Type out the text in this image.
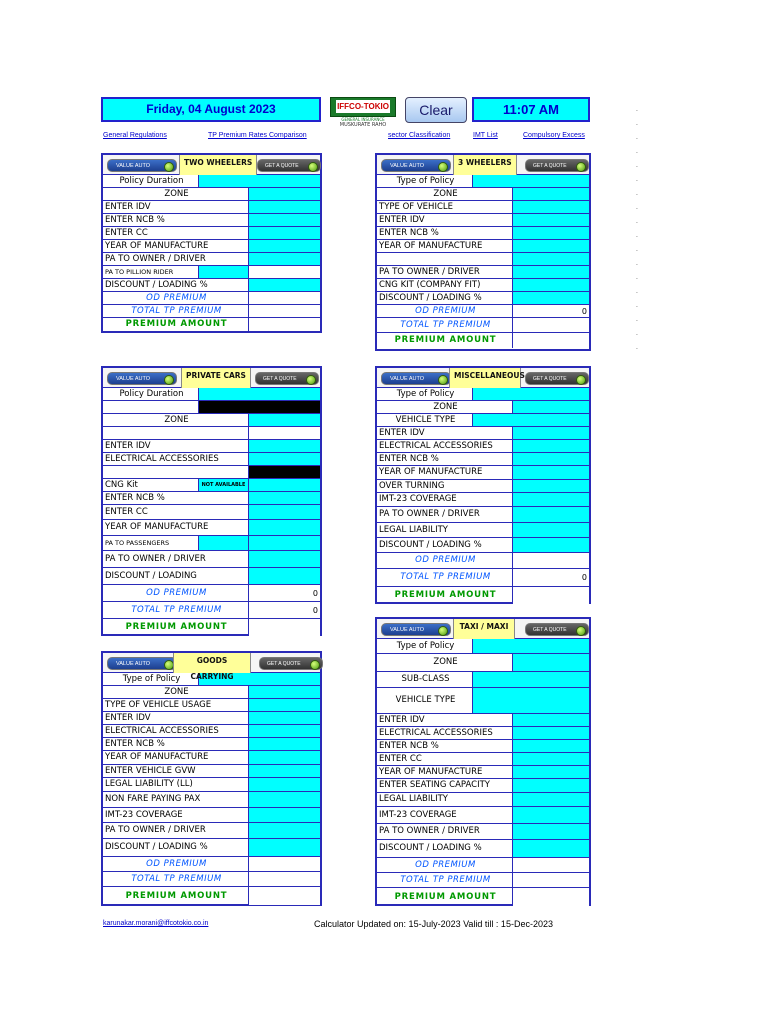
Friday, 04 August 2023	IFFCO-TOKIO
GENERAL INSURANCE
MUSKURATE RAHO
Clear	11:07 AM
General Regulations	TP Premium Rates Comparison	sector Classification	IMT List	Compulsory Excess
·

·

·

·

·

·

·

·

·

·

·

·

·

·

·

·

·

·
VALUE AUTO	TWO WHEELERS	GET A QUOTE
Policy Duration
ZONE
ENTER IDV
ENTER NCB %
ENTER CC
YEAR OF MANUFACTURE
PA TO OWNER / DRIVER
PA TO PILLION RIDER
DISCOUNT / LOADING %
OD PREMIUM
TOTAL TP PREMIUM
PREMIUM AMOUNT
VALUE AUTO	3 WHEELERS	GET A QUOTE
Type of Policy
ZONE
TYPE OF VEHICLE
ENTER IDV
ENTER NCB %
YEAR OF MANUFACTURE
PA TO OWNER / DRIVER
CNG KIT (COMPANY FIT)
DISCOUNT / LOADING %
OD PREMIUM	0
TOTAL TP PREMIUM
PREMIUM AMOUNT
VALUE AUTO	PRIVATE CARS	GET A QUOTE
Policy Duration
ZONE
ENTER IDV
ELECTRICAL ACCESSORIES
CNG Kit	NOT AVAILABLE
ENTER NCB %
ENTER CC
YEAR OF MANUFACTURE
PA TO PASSENGERS
PA TO OWNER / DRIVER
DISCOUNT / LOADING
OD PREMIUM	0
TOTAL TP PREMIUM	0
PREMIUM AMOUNT
VALUE AUTO	MISCELLANEOUS	GET A QUOTE
Type of Policy
ZONE
VEHICLE TYPE
ENTER IDV
ELECTRICAL ACCESSORIES
ENTER NCB %
YEAR OF MANUFACTURE
OVER TURNING
IMT-23 COVERAGE
PA TO OWNER / DRIVER
LEGAL LIABILITY
DISCOUNT / LOADING %
OD PREMIUM
TOTAL TP PREMIUM	0
PREMIUM AMOUNT
VALUE AUTO	GOODS CARRYING
GET A QUOTE
Type of Policy
ZONE
TYPE OF VEHICLE USAGE
ENTER IDV
ELECTRICAL ACCESSORIES
ENTER NCB %
YEAR OF MANUFACTURE
ENTER VEHICLE GVW
LEGAL LIABILITY (LL)
NON FARE PAYING PAX
IMT-23 COVERAGE
PA TO OWNER / DRIVER
DISCOUNT / LOADING %
OD PREMIUM
TOTAL TP PREMIUM
PREMIUM AMOUNT
VALUE AUTO	TAXI / MAXI	GET A QUOTE
Type of Policy
ZONE
SUB-CLASS
VEHICLE TYPE
ENTER IDV
ELECTRICAL ACCESSORIES
ENTER NCB %
ENTER CC
YEAR OF MANUFACTURE
ENTER SEATING CAPACITY
LEGAL LIABILITY
IMT-23 COVERAGE
PA TO OWNER / DRIVER
DISCOUNT / LOADING %
OD PREMIUM
TOTAL TP PREMIUM
PREMIUM AMOUNT
karunakar.morani@iffcotokio.co.in	Calculator Updated on: 15-July-2023 Valid till : 15-Dec-2023
